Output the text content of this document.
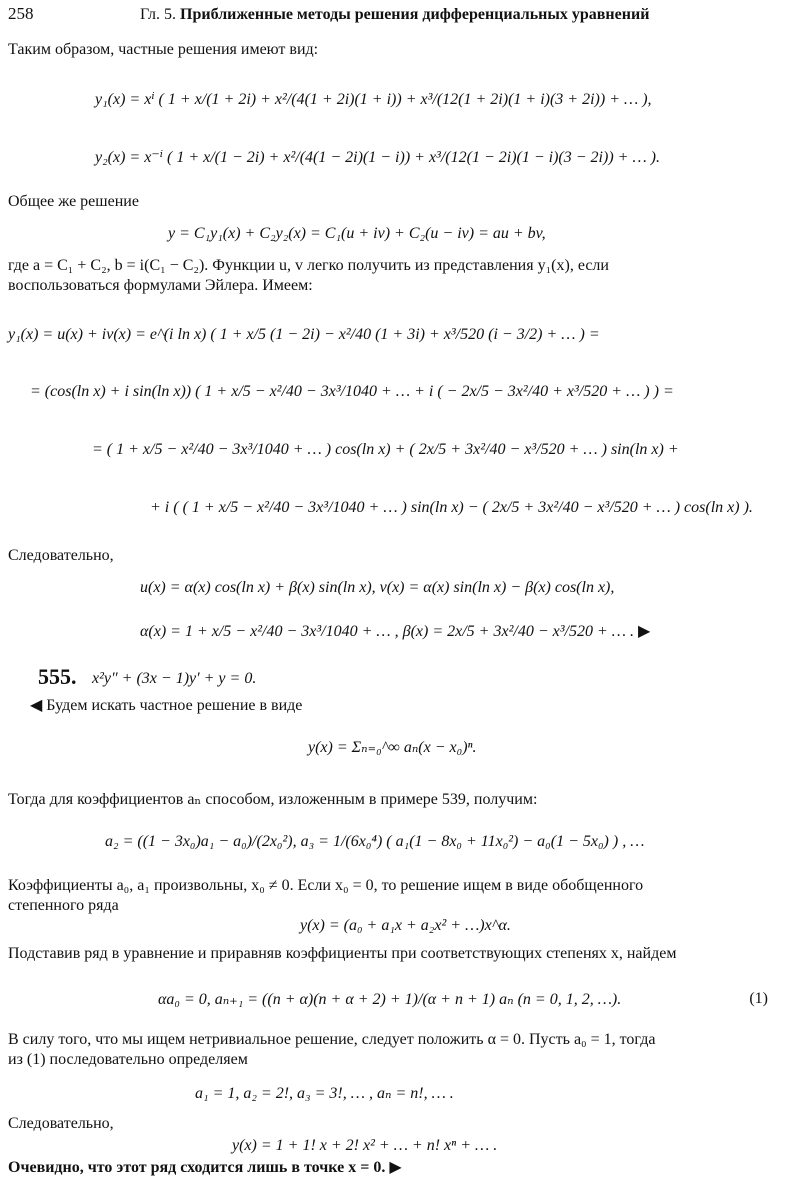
258	Гл. 5. Приближенные методы решения дифференциальных уравнений
Таким образом, частные решения имеют вид:
y₁(x) = xⁱ ( 1 + x/(1 + 2i) + x²/(4(1 + 2i)(1 + i)) + x³/(12(1 + 2i)(1 + i)(3 + 2i)) + … ),
y₂(x) = x⁻ⁱ ( 1 + x/(1 − 2i) + x²/(4(1 − 2i)(1 − i)) + x³/(12(1 − 2i)(1 − i)(3 − 2i)) + … ).
Общее же решение
y = C₁y₁(x) + C₂y₂(x) = C₁(u + iv) + C₂(u − iv) = au + bv,
где a = C₁ + C₂, b = i(C₁ − C₂). Функции u, v легко получить из представления y₁(x), если
воспользоваться формулами Эйлера. Имеем:
y₁(x) = u(x) + iv(x) = e^(i ln x) ( 1 + x/5 (1 − 2i) − x²/40 (1 + 3i) + x³/520 (i − 3/2) + … ) =
= (cos(ln x) + i sin(ln x)) ( 1 + x/5 − x²/40 − 3x³/1040 + … + i ( − 2x/5 − 3x²/40 + x³/520 + … ) ) =
= ( 1 + x/5 − x²/40 − 3x³/1040 + … ) cos(ln x) + ( 2x/5 + 3x²/40 − x³/520 + … ) sin(ln x) +
+ i ( ( 1 + x/5 − x²/40 − 3x³/1040 + … ) sin(ln x) − ( 2x/5 + 3x²/40 − x³/520 + … ) cos(ln x) ).
Следовательно,
u(x) = α(x) cos(ln x) + β(x) sin(ln x), v(x) = α(x) sin(ln x) − β(x) cos(ln x),
α(x) = 1 + x/5 − x²/40 − 3x³/1040 + … , β(x) = 2x/5 + 3x²/40 − x³/520 + … . ▶
555. x²y″ + (3x − 1)y′ + y = 0.
◀ Будем искать частное решение в виде
y(x) = Σₙ₌₀^∞ aₙ(x − x₀)ⁿ.
Тогда для коэффициентов aₙ способом, изложенным в примере 539, получим:
a₂ = ((1 − 3x₀)a₁ − a₀)/(2x₀²), a₃ = 1/(6x₀⁴) ( a₁(1 − 8x₀ + 11x₀²) − a₀(1 − 5x₀) ) , …
Коэффициенты a₀, a₁ произвольны, x₀ ≠ 0. Если x₀ = 0, то решение ищем в виде обобщенного
степенного ряда
y(x) = (a₀ + a₁x + a₂x² + …)x^α.
Подставив ряд в уравнение и приравняв коэффициенты при соответствующих степенях x, найдем
αa₀ = 0, aₙ₊₁ = ((n + α)(n + α + 2) + 1)/(α + n + 1) aₙ (n = 0, 1, 2, …).	(1)
В силу того, что мы ищем нетривиальное решение, следует положить α = 0. Пусть a₀ = 1, тогда
из (1) последовательно определяем
a₁ = 1, a₂ = 2!, a₃ = 3!, … , aₙ = n!, … .
Следовательно,
y(x) = 1 + 1! x + 2! x² + … + n! xⁿ + … .
Очевидно, что этот ряд сходится лишь в точке x = 0. ▶
